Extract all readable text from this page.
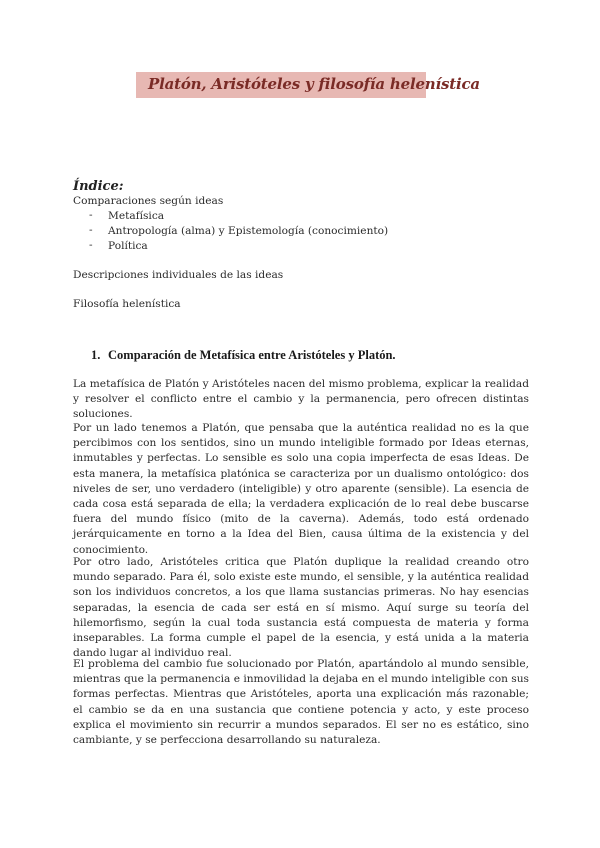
Platón, Aristóteles y filosofía helenística
Índice:
Comparaciones según ideas
- Metafísica
- Antropología (alma) y Epistemología (conocimiento)
- Política
Descripciones individuales de las ideas
Filosofía helenística
1. Comparación de Metafísica entre Aristóteles y Platón.

La metafísica de Platón y Aristóteles nacen del mismo problema, explicar la realidad y resolver el conflicto entre el cambio y la permanencia, pero ofrecen distintas soluciones.

Por un lado tenemos a Platón, que pensaba que la auténtica realidad no es la que percibimos con los sentidos, sino un mundo inteligible formado por Ideas eternas, inmutables y perfectas. Lo sensible es solo una copia imperfecta de esas Ideas. De esta manera, la metafísica platónica se caracteriza por un dualismo ontológico: dos niveles de ser, uno verdadero (inteligible) y otro aparente (sensible). La esencia de cada cosa está separada de ella; la verdadera explicación de lo real debe buscarse fuera del mundo físico (mito de la caverna). Además, todo está ordenado jerárquicamente en torno a la Idea del Bien, causa última de la existencia y del conocimiento.

Por otro lado, Aristóteles critica que Platón duplique la realidad creando otro mundo separado. Para él, solo existe este mundo, el sensible, y la auténtica realidad son los individuos concretos, a los que llama sustancias primeras. No hay esencias separadas, la esencia de cada ser está en sí mismo. Aquí surge su teoría del hilemorfismo, según la cual toda sustancia está compuesta de materia y forma inseparables. La forma cumple el papel de la esencia, y está unida a la materia dando lugar al individuo real.

El problema del cambio fue solucionado por Platón, apartándolo al mundo sensible, mientras que la permanencia e inmovilidad la dejaba en el mundo inteligible con sus formas perfectas. Mientras que Aristóteles, aporta una explicación más razonable; el cambio se da en una sustancia que contiene potencia y acto, y este proceso explica el movimiento sin recurrir a mundos separados. El ser no es estático, sino cambiante, y se perfecciona desarrollando su naturaleza.
